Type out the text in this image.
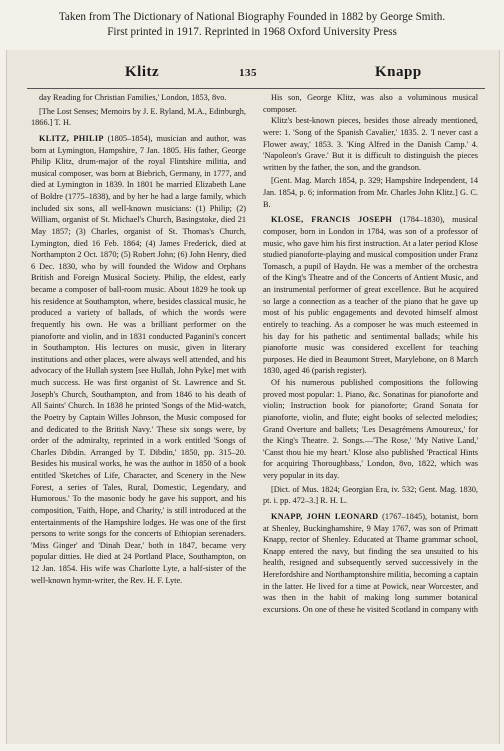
Taken from The Dictionary of National Biography Founded in 1882 by George Smith.
First printed in 1917. Reprinted in 1968 Oxford University Press
Klitz	135	Knapp

day Reading for Christian Families,' London, 1853, 8vo.

[The Lost Senses; Memoirs by J. E. Ryland, M.A., Edinburgh, 1866.] T. H.

KLITZ, PHILIP (1805–1854), musician and author, was born at Lymington, Hampshire, 7 Jan. 1805. His father, George Philip Klitz, drum-major of the royal Flintshire militia, and musical composer, was born at Biebrich, Germany, in 1777, and died at Lymington in 1839. In 1801 he married Elizabeth Lane of Boldre (1775–1838), and by her he had a large family, which included six sons, all well-known musicians: (1) Philip; (2) William, organist of St. Michael's Church, Basingstoke, died 21 May 1857; (3) Charles, organist of St. Thomas's Church, Lymington, died 16 Feb. 1864; (4) James Frederick, died at Northampton 2 Oct. 1870; (5) Robert John; (6) John Henry, died 6 Dec. 1830, who by will founded the Widow and Orphans British and Foreign Musical Society. Philip, the eldest, early became a composer of ball-room music. About 1829 he took up his residence at Southampton, where, besides classical music, he produced a variety of ballads, of which the words were frequently his own. He was a brilliant performer on the pianoforte and violin, and in 1831 conducted Paganini's concert in Southampton. His lectures on music, given in literary institutions and other places, were always well attended, and his advocacy of the Hullah system [see Hullah, John Pyke] met with much success. He was first organist of St. Lawrence and St. Joseph's Church, Southampton, and from 1846 to his death of All Saints' Church. In 1838 he printed 'Songs of the Mid-watch, the Poetry by Captain Willes Johnson, the Music composed for and dedicated to the British Navy.' These six songs were, by order of the admiralty, reprinted in a work entitled 'Songs of Charles Dibdin. Arranged by T. Dibdin,' 1850, pp. 315–20. Besides his musical works, he was the author in 1850 of a book entitled 'Sketches of Life, Character, and Scenery in the New Forest, a series of Tales, Rural, Domestic, Legendary, and Humorous.' To the masonic body he gave his support, and his composition, 'Faith, Hope, and Charity,' is still introduced at the entertainments of the Hampshire lodges. He was one of the first persons to write songs for the concerts of Ethiopian serenaders. 'Miss Ginger' and 'Dinah Dear,' both in 1847, became very popular ditties. He died at 24 Portland Place, Southampton, on 12 Jan. 1854. His wife was Charlotte Lyte, a half-sister of the well-known hymn-writer, the Rev. H. F. Lyte.

His son, George Klitz, was also a voluminous musical composer.

Klitz's best-known pieces, besides those already mentioned, were: 1. 'Song of the Spanish Cavalier,' 1835. 2. 'I never cast a Flower away,' 1853. 3. 'King Alfred in the Danish Camp.' 4. 'Napoleon's Grave.' But it is difficult to distinguish the pieces written by the father, the son, and the grandson.

[Gent. Mag. March 1854, p. 329; Hampshire Independent, 14 Jan. 1854, p. 6; information from Mr. Charles John Klitz.] G. C. B.

KLOSE, FRANCIS JOSEPH (1784–1830), musical composer, born in London in 1784, was son of a professor of music, who gave him his first instruction. At a later period Klose studied pianoforte-playing and musical composition under Franz Tomasch, a pupil of Haydn. He was a member of the orchestra of the King's Theatre and of the Concerts of Antient Music, and an instrumental performer of great excellence. But he acquired so large a connection as a teacher of the piano that he gave up most of his public engagements and devoted himself almost entirely to teaching. As a composer he was much esteemed in his day for his pathetic and sentimental ballads; while his pianoforte music was considered excellent for teaching purposes. He died in Beaumont Street, Marylebone, on 8 March 1830, aged 46 (parish register).

Of his numerous published compositions the following proved most popular: 1. Piano, &c. Sonatinas for pianoforte and violin; Instruction book for pianoforte; Grand Sonata for pianoforte, violin, and flute; eight books of selected melodies; Grand Overture and ballets; 'Les Desagrémens Amoureux,' for the King's Theatre. 2. Songs.—'The Rose,' 'My Native Land,' 'Canst thou hie my heart.' Klose also published 'Practical Hints for acquiring Thoroughbass,' London, 8vo, 1822, which was very popular in its day.

[Dict. of Mus. 1824; Georgian Era, iv. 532; Gent. Mag. 1830, pt. i. pp. 472–3.] R. H. L.

KNAPP, JOHN LEONARD (1767–1845), botanist, born at Shenley, Buckinghamshire, 9 May 1767, was son of Primatt Knapp, rector of Shenley. Educated at Thame grammar school, Knapp entered the navy, but finding the sea unsuited to his health, resigned and subsequently served successively in the Herefordshire and Northamptonshire militia, becoming a captain in the latter. He lived for a time at Powick, near Worcester, and was then in the habit of making long summer botanical excursions. On one of these he visited Scotland in company with
